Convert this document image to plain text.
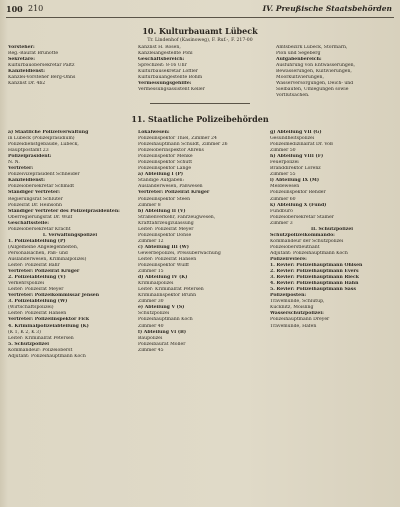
100 210	IV. Preußische Staatsbehörden
10. Kulturbauamt Lübeck
Tr. Lindenhof (Kasinoweg), F. Ruf.-, F. 217-00
Vorsteher:
Reg.-Baurat Brunotte
Sekretäre:
Kulturbauobersekretär Paltz
Kanzleidienst:
Kanzlei-Vorsteher Berg-Ohns
Kanzlist Dr. 4b2
Kanzlist H. Rosen,
Kanzleiangestellte Pohl
Geschäftsbereich:
Sprechzeit: 8-16 Uhr
Kulturbausekretär Löffler
Kulturbauangestellte Böhm
Vermessungsgehilfe:
Vermessungsassistent Keller
Amtsbezirk Lübeck, Stormarn,
Plön und Segeberg
Aufgabenbereich:
Ausführung von Entwässerungen,
Bewässerungen, Kultivierungen,
Moorkultivierungen,
Wasserversorgungen, Deich- und
Sielbauten, Umlegungen sowie
Vorflutsachen.
11. Staatliche Polizeibehörden
a) Staatliche Polizeiverwaltung
in Lübeck (Polizeipräsidium)
Polizeidienstgebäude, Lübeck,
Hauptpostamt 23
Polizeipräsident:
N. N.
Vertreter:
Polizeivizepräsident Schneider
Kanzleidienst:
Polizeiobersekretär Schmidt
Ständiger Vertreter:
Regierungsrat Schlüter
Polizeirat Dr. Heinsohn
Ständiger Vertreter des Polizeipräsidenten:
Oberregierungsrat Dr. Wulf
Geschäftsstelle:
Polizeiobersekretär Kracht
I. Verwaltungspolizei
1. Polizeiabteilung (P)
(Allgemeine Angelegenheiten,
Personalsachen, Paß- und
Ausländerwesen, Kriminalpolizei)
Leiter: Polizeirat Bahr
Vertreter: Polizeirat Krüger
2. Polizeiabteilung (V)
Verkehrspolizei
Leiter: Polizeirat Meyer
Vertreter: Polizeikommissar Jensen
3. Polizeiabteilung (W)
(Wirtschaftspolizei)
Leiter: Polizeirat Hansen
Vertreter: Polizeiinspektor Fick
4. Kriminalpolizeiabteilung (K)
(K 1, K 2, K 3)
Leiter: Kriminalrat Petersen
5. Schutzpolizei
Kommandeur: Polizeioberst
Adjutant: Polizeihauptmann Koch
Lokalwesen:
Polizeiinspektor Thiel, Zimmer 24
Polizeihauptmann Schuldt, Zimmer 26
Polizeioberinspektor Ahrens
Polizeiinspektor Menke
Polizeiinspektor Schütt
Polizeiinspektor Lange
a) Abteilung I (P)
Ständige Aufgaben:
Ausländerwesen, Paßwesen
Vertreter: Polizeirat Krüger
Polizeiinspektor Steen
Zimmer 8
b) Abteilung II (V)
Straßenverkehr, Fahrzeugwesen,
Kraftfahrzeugzulassung
Leiter: Polizeirat Meyer
Polizeiinspektor Dohse
Zimmer 12
c) Abteilung III (W)
Gewerbepolizei, Preisüberwachung
Leiter: Polizeirat Hansen
Polizeiinspektor Wulff
Zimmer 15
d) Abteilung IV (K)
Kriminalpolizei
Leiter: Kriminalrat Petersen
Kriminalinspektor Bruhn
Zimmer 30
e) Abteilung V (S)
Schutzpolizei
Polizeihauptmann Koch
Zimmer 40
f) Abteilung VI (B)
Baupolizei
Polizeibaurat Möller
Zimmer 45
g) Abteilung VII (G)
Gesundheitspolizei
Polizeimedizinalrat Dr. Voß
Zimmer 50
h) Abteilung VIII (F)
Feuerpolizei
Branddirektor Lorenz
Zimmer 55
i) Abteilung IX (M)
Meldewesen
Polizeiinspektor Rehder
Zimmer 60
k) Abteilung X (Fund)
Fundbüro
Polizeiobersekretär Stamer
Zimmer 3
II. Schutzpolizei
Schutzpolizeikommando:
Kommandeur der Schutzpolizei
Polizeioberstleutnant
Adjutant: Polizeihauptmann Koch
Polizeireviere:
1. Revier: Polizeihauptmann Ohlsen
2. Revier: Polizeihauptmann Evers
3. Revier: Polizeihauptmann Rieck
4. Revier: Polizeihauptmann Hahn
5. Revier: Polizeihauptmann Sass
Polizeiposten:
Travemünde, Schlutup,
Kücknitz, Moisling
Wasserschutzpolizei:
Polizeihauptmann Dreyer
Travemünde, Hafen
